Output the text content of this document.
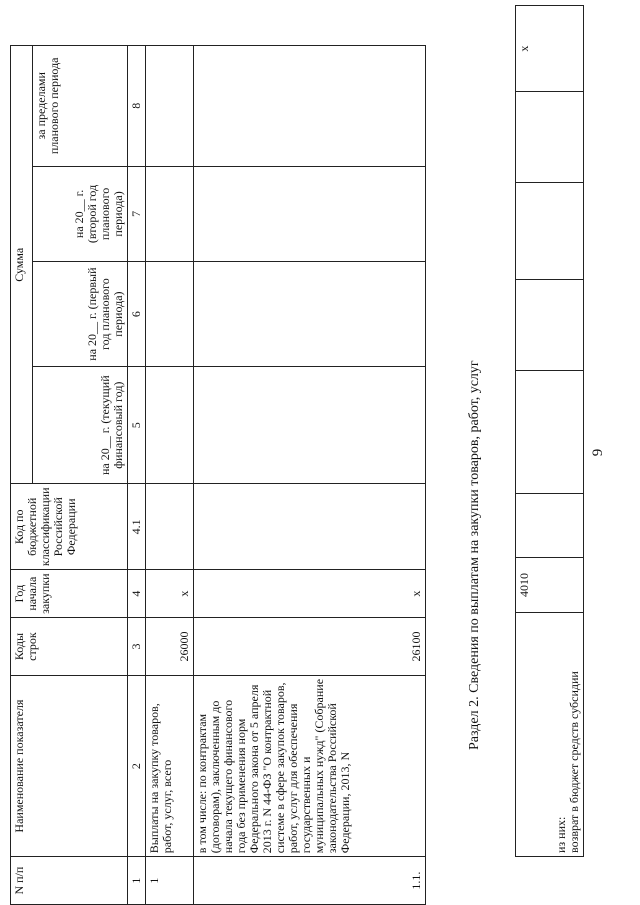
9
из них: возврат в бюджет средств субсидии
	4010						x
Раздел 2. Сведения по выплатам на закупки товаров, работ, услуг
N п/п	Наименование показателя	Коды строк	Год начала закупки	Код по бюджетной классификации Российской Федерации	Сумма			
					на 20__ г. (текущий финансовый год)	на 20__ г. (первый год планового периода)	на 20__ г. (второй год планового периода)	за пределами планового периода
1	2	3	4	4.1	5	6	7	8
1	Выплаты на закупку товаров, работ, услуг, всего	26000	x					
1.1.	в том числе: по контрактам (договорам), заключенным до начала текущего финансового года без применения норм Федерального закона от 5 апреля 2013 г. N 44-ФЗ "О контрактной системе в сфере закупок товаров, работ, услуг для обеспечения государственных и муниципальных нужд" (Собрание законодательства Российской Федерации, 2013, N	26100	x					
